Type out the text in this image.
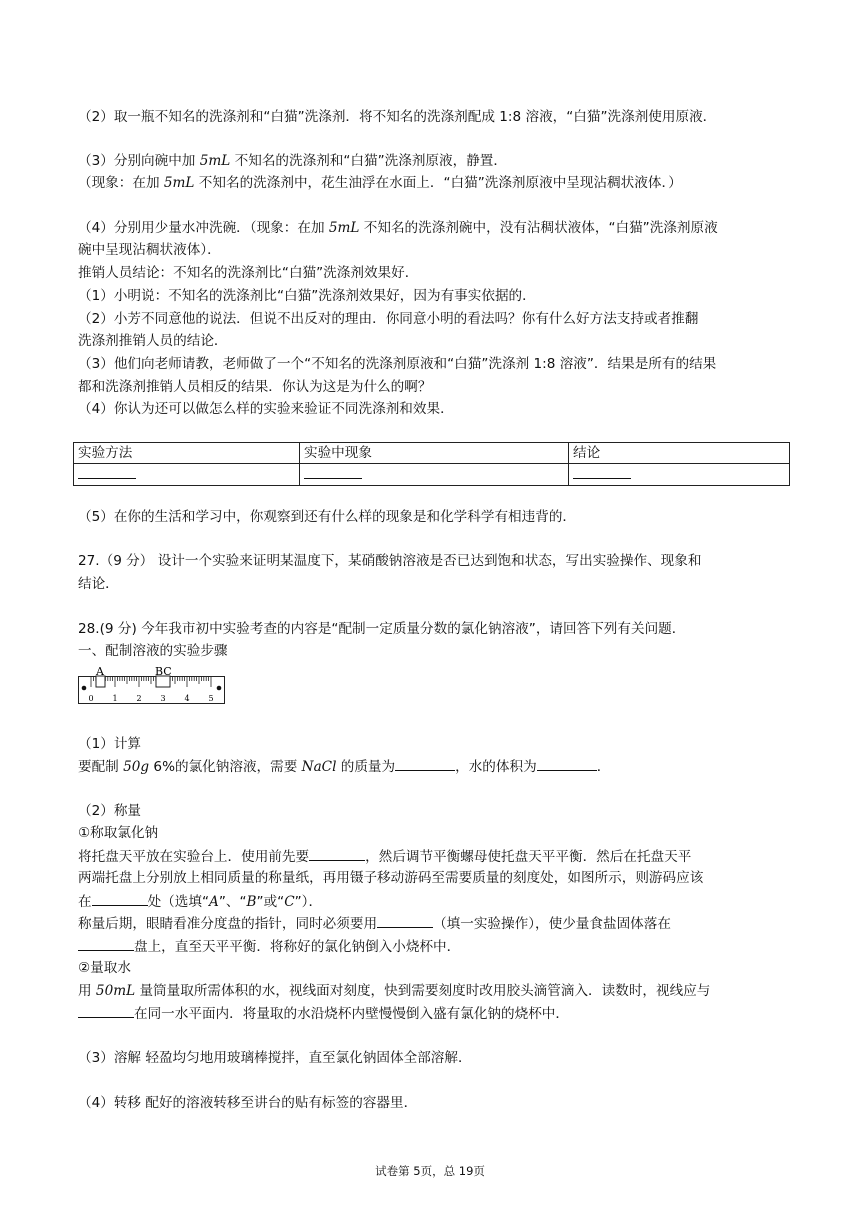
（2）取一瓶不知名的洗涤剂和“白猫”洗涤剂．将不知名的洗涤剂配成 1:8 溶液，“白猫”洗涤剂使用原液．
（3）分别向碗中加 5mL 不知名的洗涤剂和“白猫”洗涤剂原液，静置．
（现象：在加 5mL 不知名的洗涤剂中，花生油浮在水面上．“白猫”洗涤剂原液中呈现沾稠状液体．）
（4）分别用少量水冲洗碗．（现象：在加 5mL 不知名的洗涤剂碗中，没有沾稠状液体，“白猫”洗涤剂原液
碗中呈现沾稠状液体）．
推销人员结论：不知名的洗涤剂比“白猫”洗涤剂效果好．
（1）小明说：不知名的洗涤剂比“白猫”洗涤剂效果好，因为有事实依据的．
（2）小芳不同意他的说法．但说不出反对的理由．你同意小明的看法吗？你有什么好方法支持或者推翻
洗涤剂推销人员的结论．
（3）他们向老师请教，老师做了一个“不知名的洗涤剂原液和“白猫”洗涤剂 1:8 溶液”．结果是所有的结果
都和洗涤剂推销人员相反的结果．你认为这是为什么的啊？
（4）你认为还可以做怎么样的实验来验证不同洗涤剂和效果．
实验方法	实验中现象	结论

（5）在你的生活和学习中，你观察到还有什么样的现象是和化学科学有相违背的．
27.（9 分） 设计一个实验来证明某温度下，某硝酸钠溶液是否已达到饱和状态，写出实验操作、现象和
结论．
28.(9 分) 今年我市初中实验考查的内容是“配制一定质量分数的氯化钠溶液”，请回答下列有关问题．
一、配制溶液的实验步骤
A	BC
0 1 2 3 4 5
（1）计算
要配制 50g 6%的氯化钠溶液，需要 NaCl 的质量为	，水的体积为	．
（2）称量
①称取氯化钠
将托盘天平放在实验台上．使用前先要	，然后调节平衡螺母使托盘天平平衡．然后在托盘天平
两端托盘上分别放上相同质量的称量纸，再用镊子移动游码至需要质量的刻度处，如图所示，则游码应该
在	处（选填“A”、“B”或“C”）．
称量后期，眼睛看准分度盘的指针，同时必须要用	（填一实验操作），使少量食盐固体落在
盘上，直至天平平衡．将称好的氯化钠倒入小烧杯中．
②量取水
用 50mL 量筒量取所需体积的水，视线面对刻度，快到需要刻度时改用胶头滴管滴入．读数时，视线应与
在同一水平面内．将量取的水沿烧杯内壁慢慢倒入盛有氯化钠的烧杯中．
（3）溶解 轻盈均匀地用玻璃棒搅拌，直至氯化钠固体全部溶解．
（4）转移 配好的溶液转移至讲台的贴有标签的容器里．
试卷第 5页，总 19页
